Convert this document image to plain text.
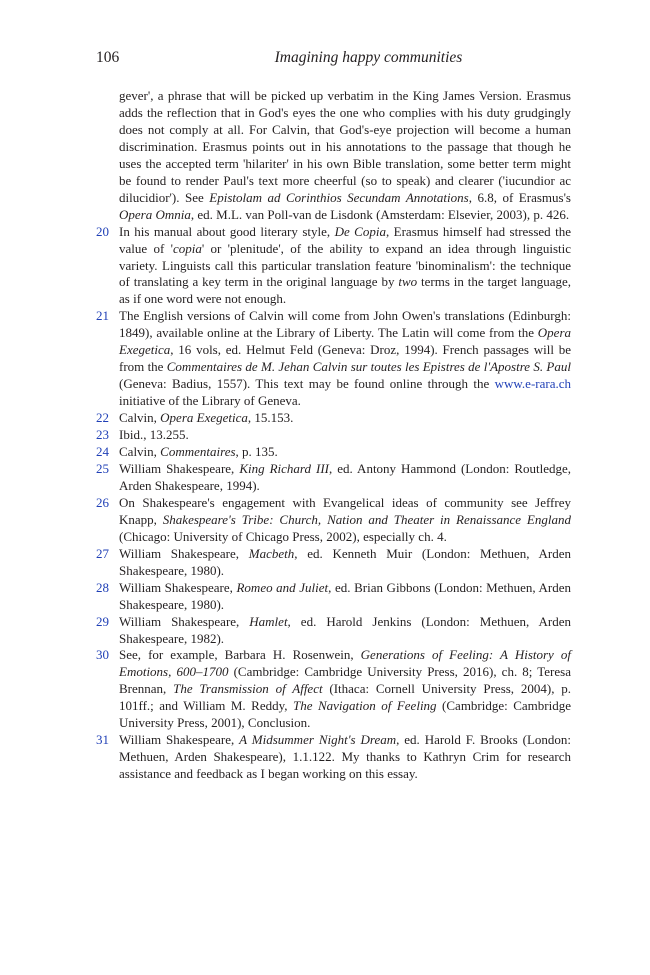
106	Imagining happy communities

gever', a phrase that will be picked up verbatim in the King James Version. Erasmus adds the reflection that in God's eyes the one who complies with his duty grudgingly does not comply at all. For Calvin, that God's-eye projection will become a human discrimination. Erasmus points out in his annotations to the passage that though he uses the accepted term 'hilariter' in his own Bible translation, some better term might be found to render Paul's text more cheerful (so to speak) and clearer ('iucundior ac dilucidior'). See Epistolam ad Corinthios Secundam Annotations, 6.8, of Erasmus's Opera Omnia, ed. M.L. van Poll-van de Lisdonk (Amsterdam: Elsevier, 2003), p. 426.

20 In his manual about good literary style, De Copia, Erasmus himself had stressed the value of 'copia' or 'plenitude', of the ability to expand an idea through linguistic variety. Linguists call this particular translation feature 'binominalism': the technique of translating a key term in the original language by two terms in the target language, as if one word were not enough.

21 The English versions of Calvin will come from John Owen's translations (Edinburgh: 1849), available online at the Library of Liberty. The Latin will come from the Opera Exegetica, 16 vols, ed. Helmut Feld (Geneva: Droz, 1994). French passages will be from the Commentaires de M. Jehan Calvin sur toutes les Epistres de l'Apostre S. Paul (Geneva: Badius, 1557). This text may be found online through the www.e-rara.ch initiative of the Library of Geneva.

22 Calvin, Opera Exegetica, 15.153.

23 Ibid., 13.255.

24 Calvin, Commentaires, p. 135.

25 William Shakespeare, King Richard III, ed. Antony Hammond (London: Routledge, Arden Shakespeare, 1994).

26 On Shakespeare's engagement with Evangelical ideas of community see Jeffrey Knapp, Shakespeare's Tribe: Church, Nation and Theater in Renaissance England (Chicago: University of Chicago Press, 2002), especially ch. 4.

27 William Shakespeare, Macbeth, ed. Kenneth Muir (London: Methuen, Arden Shakespeare, 1980).

28 William Shakespeare, Romeo and Juliet, ed. Brian Gibbons (London: Methuen, Arden Shakespeare, 1980).

29 William Shakespeare, Hamlet, ed. Harold Jenkins (London: Methuen, Arden Shakespeare, 1982).

30 See, for example, Barbara H. Rosenwein, Generations of Feeling: A History of Emotions, 600–1700 (Cambridge: Cambridge University Press, 2016), ch. 8; Teresa Brennan, The Transmission of Affect (Ithaca: Cornell University Press, 2004), p. 101ff.; and William M. Reddy, The Navigation of Feeling (Cambridge: Cambridge University Press, 2001), Conclusion.

31 William Shakespeare, A Midsummer Night's Dream, ed. Harold F. Brooks (London: Methuen, Arden Shakespeare), 1.1.122. My thanks to Kathryn Crim for research assistance and feedback as I began working on this essay.
